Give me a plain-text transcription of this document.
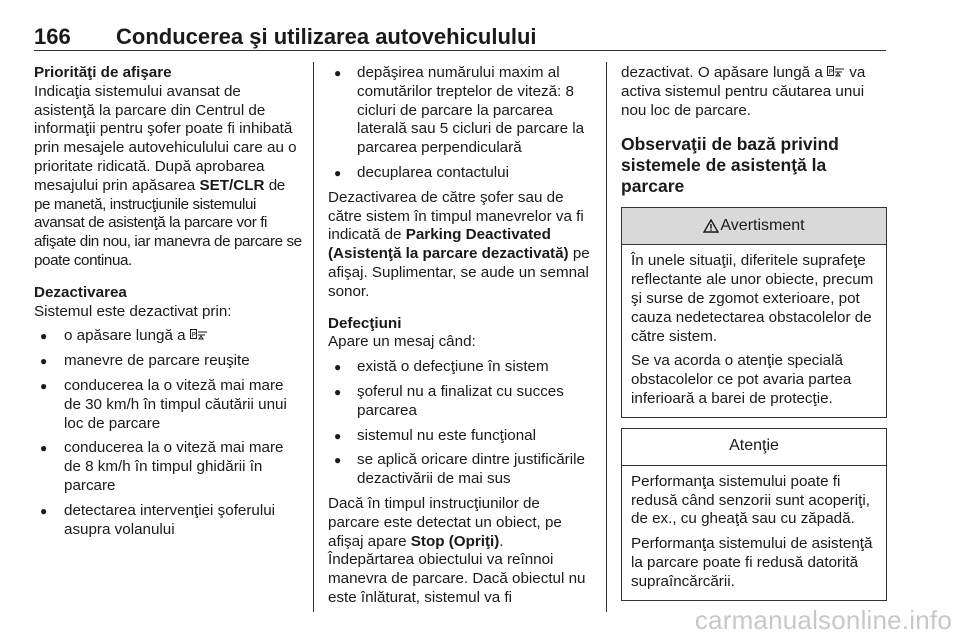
166 Conducerea şi utilizarea autovehiculului

Priorităţi de afişare

Indicaţia sistemului avansat de asistenţă la parcare din Centrul de informaţii pentru şofer poate fi inhibată prin mesajele autovehiculului care au o prioritate ridicată. După aprobarea mesajului prin apăsarea SET/CLR de pe manetă, instrucţiunile sistemului avansat de asistenţă la parcare vor fi afişate din nou, iar manevra de parcare se poate continua.

Dezactivarea

Sistemul este dezactivat prin:

● o apăsare lungă a P
● manevre de parcare reuşite
● conducerea la o viteză mai mare de 30 km/h în timpul căutării unui loc de parcare
● conducerea la o viteză mai mare de 8 km/h în timpul ghidării în parcare
● detectarea intervenţiei şoferului asupra volanului
● depăşirea numărului maxim al comutărilor treptelor de viteză: 8 cicluri de parcare la parcarea laterală sau 5 cicluri de parcare la parcarea perpendiculară
● decuplarea contactului

Dezactivarea de către şofer sau de către sistem în timpul manevrelor va fi indicată de Parking Deactivated (Asistenţă la parcare dezactivată) pe afişaj. Suplimentar, se aude un semnal sonor.

Defecţiuni

Apare un mesaj când:

● există o defecţiune în sistem
● şoferul nu a finalizat cu succes parcarea
● sistemul nu este funcţional
● se aplică oricare dintre justificările dezactivării de mai sus

Dacă în timpul instrucţiunilor de parcare este detectat un obiect, pe afişaj apare Stop (Opriţi).

Îndepărtarea obiectului va reînnoi manevra de parcare. Dacă obiectul nu este înlăturat, sistemul va fi

dezactivat. O apăsare lungă a P va activa sistemul pentru căutarea unui nou loc de parcare.

Observaţii de bază privind sistemele de asistenţă la parcare

Avertisment

În unele situaţii, diferitele suprafeţe reflectante ale unor obiecte, precum şi surse de zgomot exterioare, pot cauza nedetectarea obstacolelor de către sistem.

Se va acorda o atenţie specială obstacolelor ce pot avaria partea inferioară a barei de protecţie.

Atenţie

Performanţa sistemului poate fi redusă când senzorii sunt acoperiţi, de ex., cu gheaţă sau cu zăpadă.

Performanţa sistemului de asistenţă la parcare poate fi redusă datorită supraîncărcării.

carmanualsonline.info
